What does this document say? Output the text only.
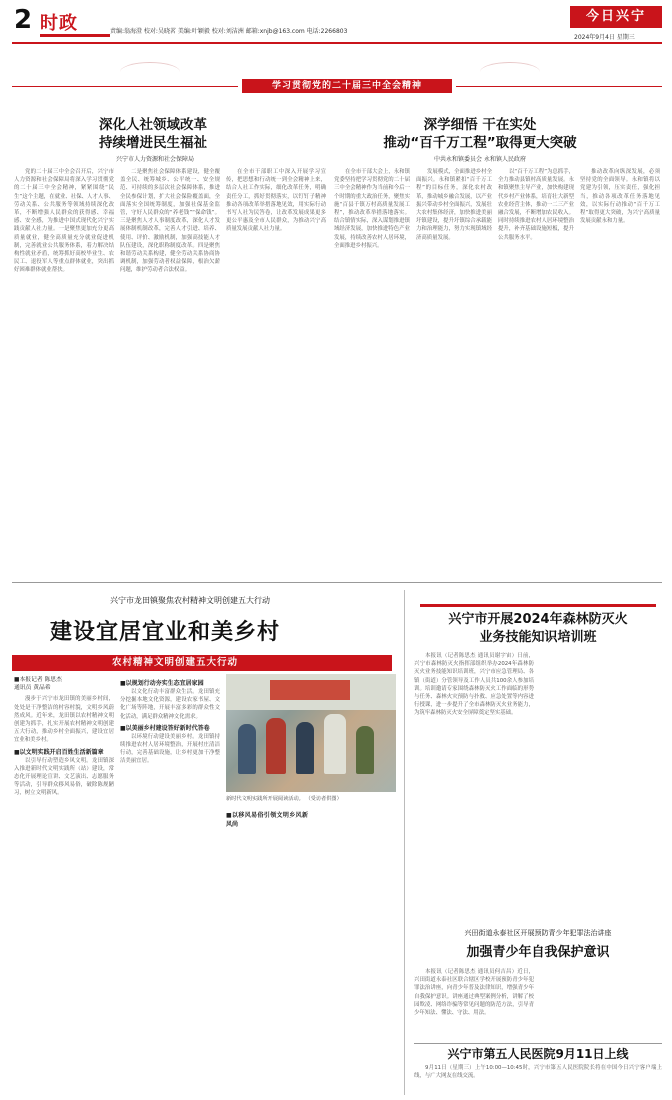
2 时政	责编:翁海澄 校对:吴晓茗 美编:叶颖毅 校对:刘洁洲 邮箱:xnjb@163.com 电话:2266803
今日兴宁
2024年9月4日 星期三
学习贯彻党的二十届三中全会精神
深化人社领域改革
持续增进民生福祉
兴宁市人力资源和社会保障局

党的二十届三中全会召开后，兴宁市人力资源和社会保障局将深入学习贯彻党的二十届三中全会精神，紧紧围绕“民生”这个主题，在就业、社保、人才人事、劳动关系、公共服务等领域持续深化改革，不断增强人民群众的获得感、幸福感、安全感，为推进中国式现代化兴宁实践贡献人社力量。一是聚焦更加充分更高质量就业，健全高质量充分就业促进机制，完善就业公共服务体系，着力解决结构性就业矛盾，统筹抓好高校毕业生、农民工、退役军人等重点群体就业，突出抓好困难群体就业帮扶。

二是聚焦社会保障体系建设，健全覆盖全民、统筹城乡、公平统一、安全规范、可持续的多层次社会保障体系，推进全民参保计划，扩大社会保险覆盖面，全面落实全国统筹制度，加强社保基金监管，守好人民群众的“养老钱”“保命钱”。三是聚焦人才人事制度改革，深化人才发展体制机制改革，完善人才引进、培养、使用、评价、激励机制，加强高技能人才队伍建设，深化职称制度改革。四是聚焦和谐劳动关系构建，健全劳动关系协商协调机制，加强劳动者权益保障，根治欠薪问题，维护劳动者合法权益。

在全市干部职工中深入开展学习宣传，把思想和行动统一到全会精神上来，结合人社工作实际，细化改革任务，明确责任分工，抓好贯彻落实，以钉钉子精神推动各项改革举措落地见效，用实际行动书写人社为民答卷，让改革发展成果更多更公平惠及全市人民群众，为推动兴宁高质量发展贡献人社力量。

深学细悟 干在实处
推动“百千万工程”取得更大突破
中共永和镇委员会 永和镇人民政府

在全市干部大会上，永和镇党委坚持把学习贯彻党的二十届三中全会精神作为当前和今后一个时期的重大政治任务，聚焦实施“百县千镇万村高质量发展工程”，推动改革举措落地落实。结合镇情实际，深入谋划推进镇域经济发展，加快推进特色产业发展，持续改善农村人居环境，全面推进乡村振兴。

发展模式，全面推进乡村全面振兴。永和镇紧扣“百千万工程”的目标任务，深化农村改革，推动城乡融合发展，以产业振兴带动乡村全面振兴，发展壮大农村集体经济，加快推进美丽圩镇建设，提升圩镇综合承载能力和治理能力，努力实现镇域经济高质量发展。

以“百千万工程”为总抓手，全力推动县镇村高质量发展。永和镇聚焦主导产业，加快构建现代乡村产业体系，培育壮大新型农业经营主体，推动一二三产业融合发展，不断增加农民收入。同时持续推进农村人居环境整治提升，补齐基础设施短板，提升公共服务水平。

推动改革向纵深发展，必须坚持党的全面领导。永和镇将以党建为引领，压实责任，强化担当，推动各项改革任务落地见效，以实际行动推动“百千万工程”取得更大突破，为兴宁高质量发展贡献永和力量。

兴宁市龙田镇聚焦农村精神文明创建五大行动
建设宜居宜业和美乡村
农村精神文明创建五大行动
■本报记者 陈思杰
通讯员 黄品希

漫步于兴宁市龙田镇的美丽乡村间，处处是干净整洁的村容村貌，文明乡风蔚然成风。近年来，龙田镇以农村精神文明创建为抓手，扎实开展农村精神文明创建五大行动，推动乡村全面振兴，建设宜居宜业和美乡村。

■以文明实践开启百姓生活新篇章

以引导行动塑造乡风文明。龙田镇深入推进新时代文明实践所（站）建设，常态化开展理论宣讲、文艺演出、志愿服务等活动，引导群众移风易俗，破除陈规陋习，树立文明新风。

■以规划行动夯实生态宜居家园

以文化行动丰富群众生活。龙田镇充分挖掘本地文化资源，建设农家书屋、文化广场等阵地，开展丰富多彩的群众性文化活动，满足群众精神文化需求。

■以美丽乡村建设答好新时代答卷

以环境行动建设美丽乡村。龙田镇持续推进农村人居环境整治，开展村庄清洁行动，完善基础设施，让乡村更加干净整洁美丽宜居。

新时代文明实践所开展阅读活动。 （受访者供图）
■以移风易俗引领文明乡风新风尚
兴宁市开展2024年森林防灭火
业务技能知识培训班

本报讯（记者陈思杰 通讯员谢宇宙）日前，兴宁市森林防灭火指挥部组织举办2024年森林防灭火业务技能知识培训班，兴宁市应急管理局、各镇（街道）分管领导及工作人员共100余人参加培训。培训邀请专家围绕森林防灭火工作面临的形势与任务、森林火灾预防与扑救、应急处置等内容进行授课，进一步提升了全市森林防灭火业务能力，为筑牢森林防灭火安全屏障奠定坚实基础。

兴田街道永泰社区开展预防青少年犯罪法治讲座
加强青少年自我保护意识

本报讯（记者陈思杰 通讯员何吉昌）近日，兴田街道永泰社区联合辖区学校开展预防青少年犯罪法治讲座，向青少年普及法律知识，增强青少年自我保护意识。讲座通过典型案例分析，讲解了校园欺凌、网络诈骗等常见问题的防范方法，引导青少年知法、懂法、守法、用法。

兴宁市第五人民医院9月11日上线

9月11日（星期三）上午10:00—10:45时，兴宁市第五人民医院院长将在中国今日兴宁客户端上线，与广大网友在线交流。
